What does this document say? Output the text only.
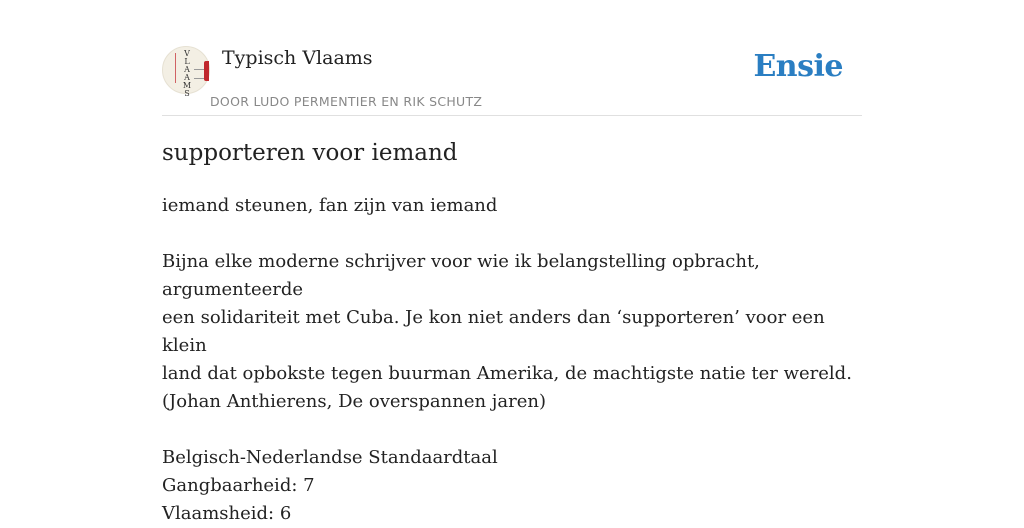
V
L
A
A
M
S
Typisch Vlaams
DOOR LUDO PERMENTIER EN RIK SCHUTZ
Ensie
supporteren voor iemand

iemand steunen, fan zijn van iemand

Bijna elke moderne schrijver voor wie ik belangstelling opbracht, argumenteerde

een solidariteit met Cuba. Je kon niet anders dan ‘supporteren’ voor een klein

land dat opbokste tegen buurman Amerika, de machtigste natie ter wereld.

(Johan Anthierens, De overspannen jaren)

Belgisch-Nederlandse Standaardtaal

Gangbaarheid: 7

Vlaamsheid: 6
